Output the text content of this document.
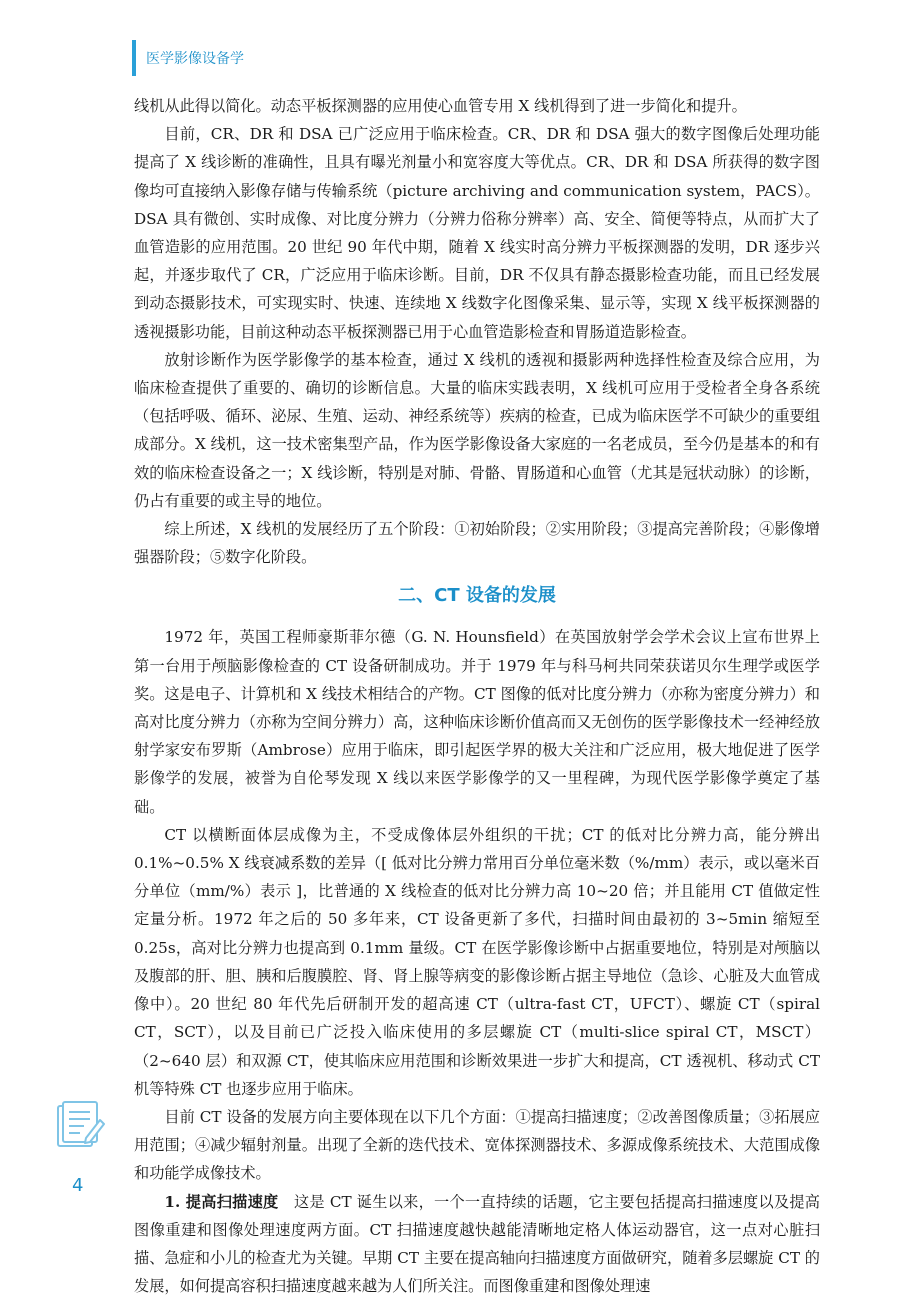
医学影像设备学

线机从此得以简化。动态平板探测器的应用使心血管专用 X 线机得到了进一步简化和提升。

目前，CR、DR 和 DSA 已广泛应用于临床检查。CR、DR 和 DSA 强大的数字图像后处理功能提高了 X 线诊断的准确性，且具有曝光剂量小和宽容度大等优点。CR、DR 和 DSA 所获得的数字图像均可直接纳入影像存储与传输系统（picture archiving and communication system，PACS）。DSA 具有微创、实时成像、对比度分辨力（分辨力俗称分辨率）高、安全、简便等特点，从而扩大了血管造影的应用范围。20 世纪 90 年代中期，随着 X 线实时高分辨力平板探测器的发明，DR 逐步兴起，并逐步取代了 CR，广泛应用于临床诊断。目前，DR 不仅具有静态摄影检查功能，而且已经发展到动态摄影技术，可实现实时、快速、连续地 X 线数字化图像采集、显示等，实现 X 线平板探测器的透视摄影功能，目前这种动态平板探测器已用于心血管造影检查和胃肠道造影检查。

放射诊断作为医学影像学的基本检查，通过 X 线机的透视和摄影两种选择性检查及综合应用，为临床检查提供了重要的、确切的诊断信息。大量的临床实践表明，X 线机可应用于受检者全身各系统（包括呼吸、循环、泌尿、生殖、运动、神经系统等）疾病的检查，已成为临床医学不可缺少的重要组成部分。X 线机，这一技术密集型产品，作为医学影像设备大家庭的一名老成员，至今仍是基本的和有效的临床检查设备之一；X 线诊断，特别是对肺、骨骼、胃肠道和心血管（尤其是冠状动脉）的诊断，仍占有重要的或主导的地位。

综上所述，X 线机的发展经历了五个阶段：①初始阶段；②实用阶段；③提高完善阶段；④影像增强器阶段；⑤数字化阶段。

二、CT 设备的发展

1972 年，英国工程师豪斯菲尔德（G. N. Hounsfield）在英国放射学会学术会议上宣布世界上第一台用于颅脑影像检查的 CT 设备研制成功。并于 1979 年与科马柯共同荣获诺贝尔生理学或医学奖。这是电子、计算机和 X 线技术相结合的产物。CT 图像的低对比度分辨力（亦称为密度分辨力）和高对比度分辨力（亦称为空间分辨力）高，这种临床诊断价值高而又无创伤的医学影像技术一经神经放射学家安布罗斯（Ambrose）应用于临床，即引起医学界的极大关注和广泛应用，极大地促进了医学影像学的发展，被誉为自伦琴发现 X 线以来医学影像学的又一里程碑，为现代医学影像学奠定了基础。

CT 以横断面体层成像为主，不受成像体层外组织的干扰；CT 的低对比分辨力高，能分辨出 0.1%~0.5% X 线衰减系数的差异（[ 低对比分辨力常用百分单位毫米数（%/mm）表示，或以毫米百分单位（mm/%）表示 ]，比普通的 X 线检查的低对比分辨力高 10~20 倍；并且能用 CT 值做定性定量分析。1972 年之后的 50 多年来，CT 设备更新了多代，扫描时间由最初的 3~5min 缩短至 0.25s，高对比分辨力也提高到 0.1mm 量级。CT 在医学影像诊断中占据重要地位，特别是对颅脑以及腹部的肝、胆、胰和后腹膜腔、肾、肾上腺等病变的影像诊断占据主导地位（急诊、心脏及大血管成像中）。20 世纪 80 年代先后研制开发的超高速 CT（ultra-fast CT，UFCT）、螺旋 CT（spiral CT，SCT），以及目前已广泛投入临床使用的多层螺旋 CT（multi-slice spiral CT，MSCT）（2~640 层）和双源 CT，使其临床应用范围和诊断效果进一步扩大和提高，CT 透视机、移动式 CT 机等特殊 CT 也逐步应用于临床。

目前 CT 设备的发展方向主要体现在以下几个方面：①提高扫描速度；②改善图像质量；③拓展应用范围；④减少辐射剂量。出现了全新的迭代技术、宽体探测器技术、多源成像系统技术、大范围成像和功能学成像技术。

1. 提高扫描速度　这是 CT 诞生以来，一个一直持续的话题，它主要包括提高扫描速度以及提高图像重建和图像处理速度两方面。CT 扫描速度越快越能清晰地定格人体运动器官，这一点对心脏扫描、急症和小儿的检查尤为关键。早期 CT 主要在提高轴向扫描速度方面做研究，随着多层螺旋 CT 的发展，如何提高容积扫描速度越来越为人们所关注。而图像重建和图像处理速

4
